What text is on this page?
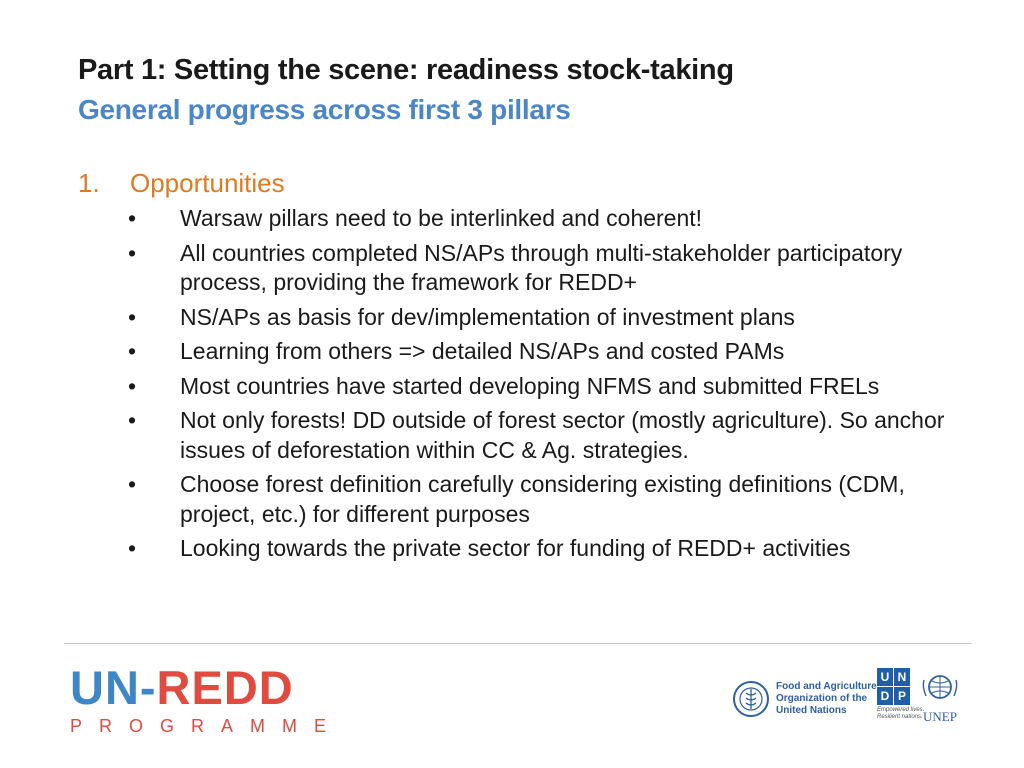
Part 1: Setting the scene: readiness stock-taking
General progress across first 3 pillars
1. Opportunities
• Warsaw pillars need to be interlinked and coherent!
• All countries completed NS/APs through multi-stakeholder participatory process, providing the framework for REDD+
• NS/APs as basis for dev/implementation of investment plans
• Learning from others => detailed NS/APs and costed PAMs
• Most countries have started developing NFMS and submitted FRELs
• Not only forests! DD outside of forest sector (mostly agriculture). So anchor issues of deforestation within CC & Ag. strategies.
• Choose forest definition carefully considering existing definitions (CDM, project, etc.) for different purposes
• Looking towards the private sector for funding of REDD+ activities
UN-REDD
PROGRAMME
Food and Agriculture
Organization of the
United Nations
U N
D P
Empowered lives.
Resilient nations. UNEP
